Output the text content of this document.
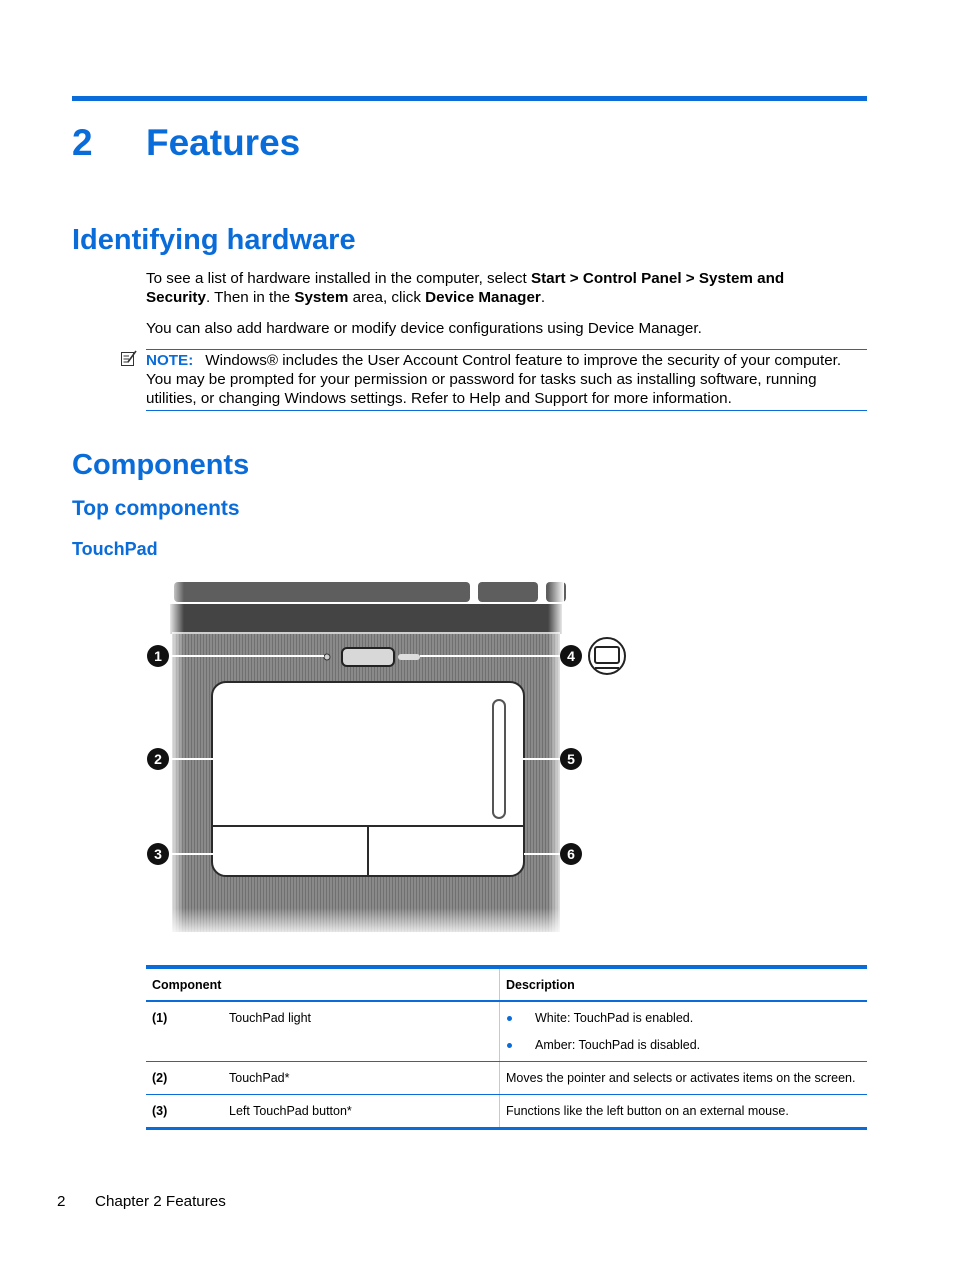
2 Features
Identifying hardware
To see a list of hardware installed in the computer, select Start > Control Panel > System and Security. Then in the System area, click Device Manager.
You can also add hardware or modify device configurations using Device Manager.
NOTE: Windows® includes the User Account Control feature to improve the security of your computer. You may be prompted for your permission or password for tasks such as installing software, running utilities, or changing Windows settings. Refer to Help and Support for more information.
Components
Top components
TouchPad
1
2
3
4
5
6
Component		Description
(1)	TouchPad light	White: TouchPad is enabled.
Amber: TouchPad is disabled.

(2)	TouchPad*	Moves the pointer and selects or activates items on the screen.
(3)	Left TouchPad button*	Functions like the left button on an external mouse.
2 Chapter 2 Features
